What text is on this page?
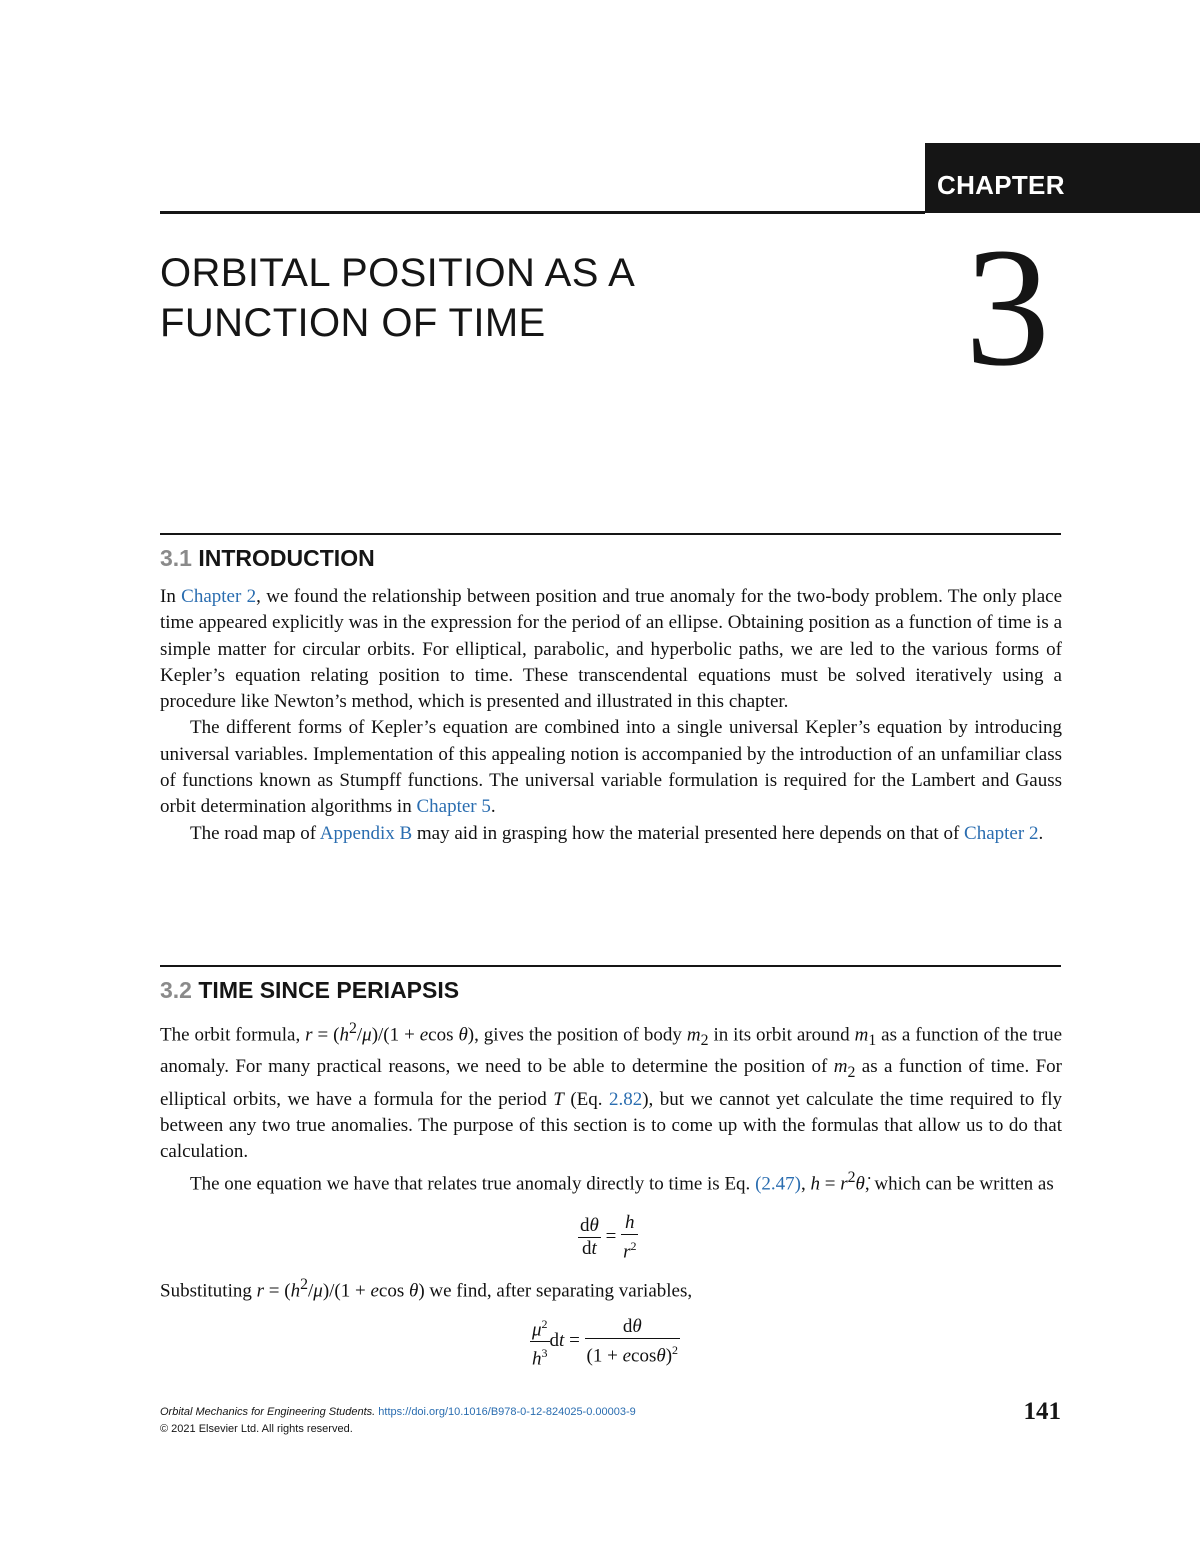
CHAPTER
ORBITAL POSITION AS A
FUNCTION OF TIME	3
3.1 INTRODUCTION

In Chapter 2, we found the relationship between position and true anomaly for the two-body problem. The only place time appeared explicitly was in the expression for the period of an ellipse. Obtaining position as a function of time is a simple matter for circular orbits. For elliptical, parabolic, and hyperbolic paths, we are led to the various forms of Kepler’s equation relating position to time. These transcendental equations must be solved iteratively using a procedure like Newton’s method, which is presented and illustrated in this chapter.

The different forms of Kepler’s equation are combined into a single universal Kepler’s equation by introducing universal variables. Implementation of this appealing notion is accompanied by the introduction of an unfamiliar class of functions known as Stumpff functions. The universal variable formulation is required for the Lambert and Gauss orbit determination algorithms in Chapter 5.

The road map of Appendix B may aid in grasping how the material presented here depends on that of Chapter 2.

3.2 TIME SINCE PERIAPSIS

The orbit formula, $r = (h^2/\mu)/(1 + ecos$ θ), gives the position of body $m_2$ in its orbit around $m_1$ as a function of the true anomaly. For many practical reasons, we need to be able to determine the position of $m_2$ as a function of time. For elliptical orbits, we have a formula for the period T (Eq. 2.82), but we cannot yet calculate the time required to fly between any two true anomalies. The purpose of this section is to come up with the formulas that allow us to do that calculation.

The one equation we have that relates true anomaly directly to time is Eq. (2.47), $h = r^2\thetȧ$, which can be written as

$\frac{d\theta}{dt} = \frac{h}{r^2}$

Substituting $r = (h^2/\mu)/(1 + ecos$ θ) we find, after separating variables,

$\frac{\mu^2}{h^3}$ dt = $\frac{d\theta}{(1 + ecos\theta)^2}$
Orbital Mechanics for Engineering Students. https://doi.org/10.1016/B978-0-12-824025-0.00003-9
© 2021 Elsevier Ltd. All rights reserved.
141
